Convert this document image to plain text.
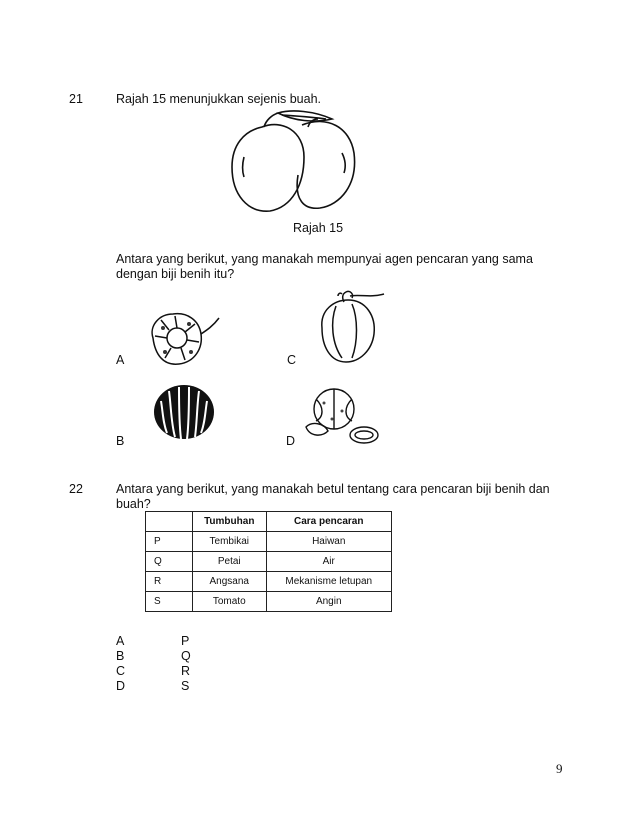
21	Rajah 15 menunjukkan sejenis buah.
Rajah 15
Antara yang berikut, yang manakah mempunyai agen pencaran yang sama
dengan biji benih itu?
A	C
B	D
22	Antara yang berikut, yang manakah betul tentang cara pencaran biji benih dan
buah?
	Tumbuhan	Cara pencaran
P	Tembikai	Haiwan
Q	Petai	Air
R	Angsana	Mekanisme letupan
S	Tomato	Angin
A	P
B	Q
C	R
D	S
9
